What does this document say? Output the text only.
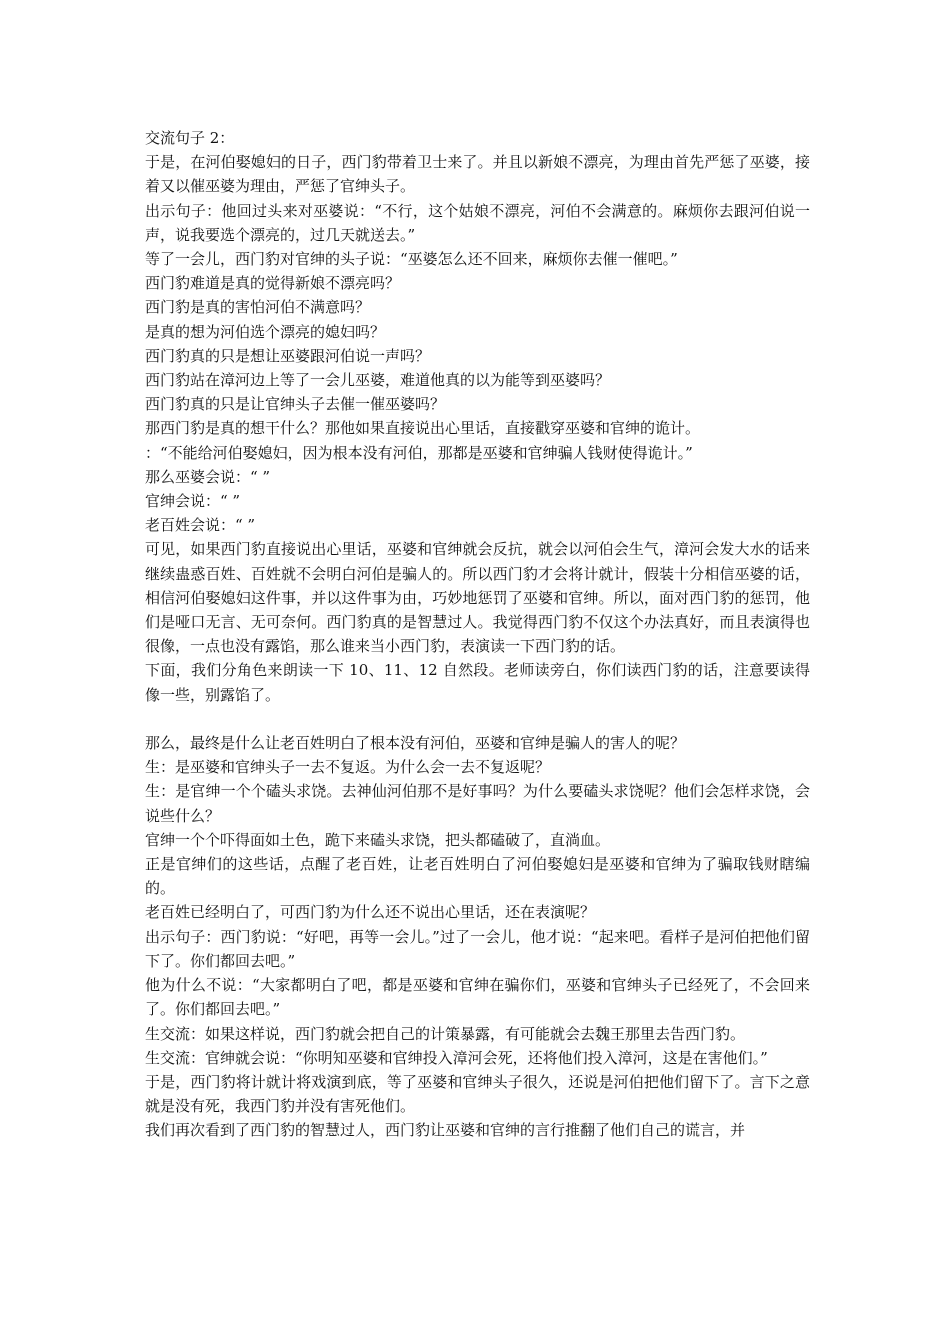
交流句子 2：

于是，在河伯娶媳妇的日子，西门豹带着卫士来了。并且以新娘不漂亮，为理由首先严惩了巫婆，接着又以催巫婆为理由，严惩了官绅头子。

出示句子：他回过头来对巫婆说：“不行，这个姑娘不漂亮，河伯不会满意的。麻烦你去跟河伯说一声，说我要选个漂亮的，过几天就送去。”

等了一会儿，西门豹对官绅的头子说：“巫婆怎么还不回来，麻烦你去催一催吧。”

西门豹难道是真的觉得新娘不漂亮吗？

西门豹是真的害怕河伯不满意吗？

是真的想为河伯选个漂亮的媳妇吗？

西门豹真的只是想让巫婆跟河伯说一声吗？

西门豹站在漳河边上等了一会儿巫婆，难道他真的以为能等到巫婆吗？

西门豹真的只是让官绅头子去催一催巫婆吗？

那西门豹是真的想干什么？那他如果直接说出心里话，直接戳穿巫婆和官绅的诡计。

：“不能给河伯娶媳妇，因为根本没有河伯，那都是巫婆和官绅骗人钱财使得诡计。”

那么巫婆会说：“ ”

官绅会说：“ ”

老百姓会说：“ ”

可见，如果西门豹直接说出心里话，巫婆和官绅就会反抗，就会以河伯会生气，漳河会发大水的话来继续蛊惑百姓、百姓就不会明白河伯是骗人的。所以西门豹才会将计就计，假装十分相信巫婆的话，相信河伯娶媳妇这件事，并以这件事为由，巧妙地惩罚了巫婆和官绅。所以，面对西门豹的惩罚，他们是哑口无言、无可奈何。西门豹真的是智慧过人。我觉得西门豹不仅这个办法真好，而且表演得也很像，一点也没有露馅，那么谁来当小西门豹，表演读一下西门豹的话。

下面，我们分角色来朗读一下 10、11、12 自然段。老师读旁白，你们读西门豹的话，注意要读得像一些，别露馅了。

那么，最终是什么让老百姓明白了根本没有河伯，巫婆和官绅是骗人的害人的呢？

生：是巫婆和官绅头子一去不复返。为什么会一去不复返呢？

生：是官绅一个个磕头求饶。去神仙河伯那不是好事吗？为什么要磕头求饶呢？他们会怎样求饶，会说些什么？

官绅一个个吓得面如土色，跪下来磕头求饶，把头都磕破了，直淌血。

正是官绅们的这些话，点醒了老百姓，让老百姓明白了河伯娶媳妇是巫婆和官绅为了骗取钱财瞎编的。

老百姓已经明白了，可西门豹为什么还不说出心里话，还在表演呢？

出示句子：西门豹说：“好吧，再等一会儿。”过了一会儿，他才说：“起来吧。看样子是河伯把他们留下了。你们都回去吧。”

他为什么不说：“大家都明白了吧，都是巫婆和官绅在骗你们，巫婆和官绅头子已经死了，不会回来了。你们都回去吧。”

生交流：如果这样说，西门豹就会把自己的计策暴露，有可能就会去魏王那里去告西门豹。

生交流：官绅就会说：“你明知巫婆和官绅投入漳河会死，还将他们投入漳河，这是在害他们。”

于是，西门豹将计就计将戏演到底，等了巫婆和官绅头子很久，还说是河伯把他们留下了。言下之意就是没有死，我西门豹并没有害死他们。

我们再次看到了西门豹的智慧过人，西门豹让巫婆和官绅的言行推翻了他们自己的谎言，并
